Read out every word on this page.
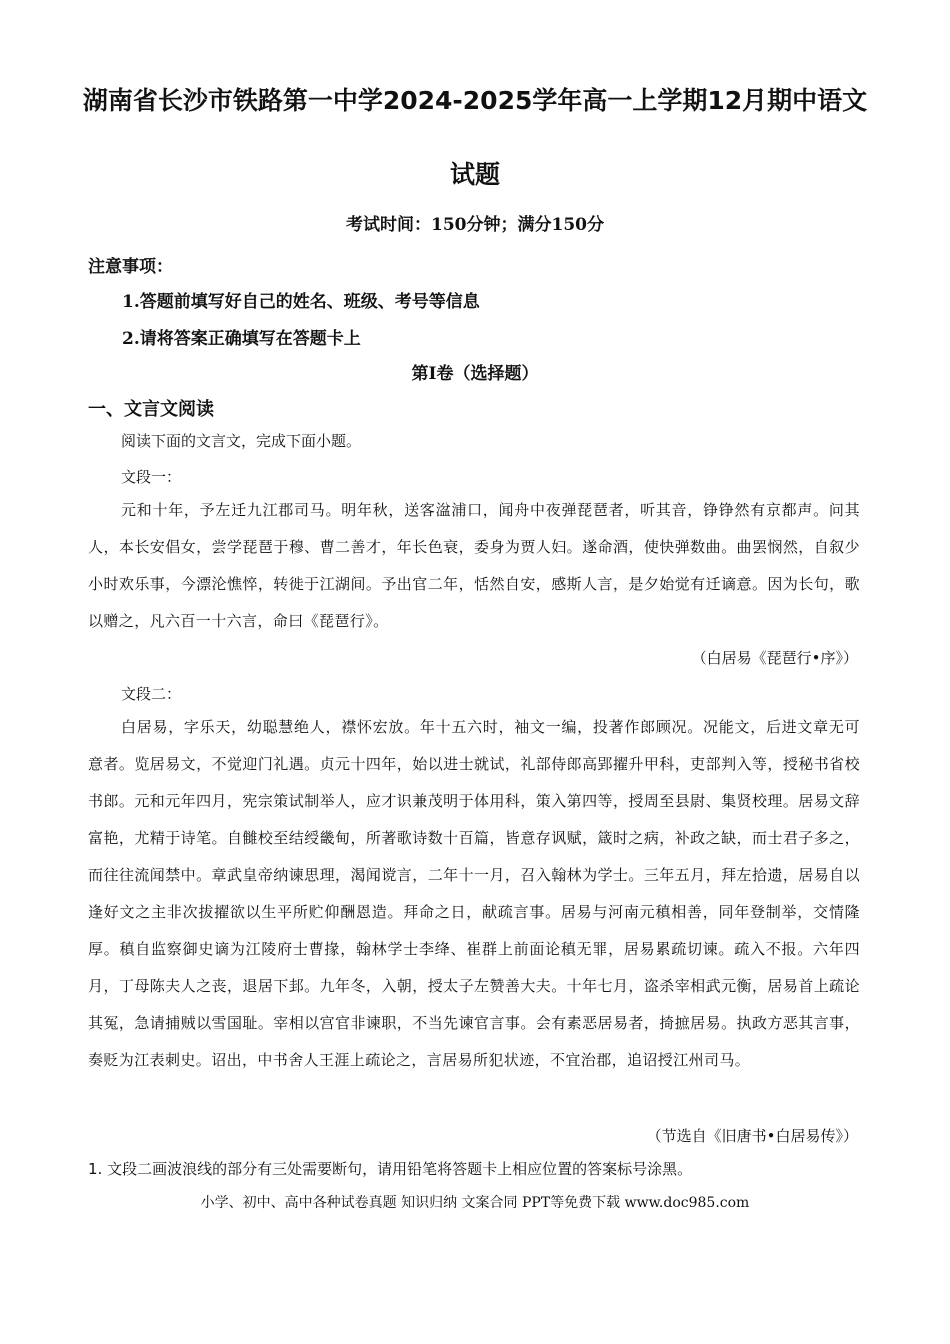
湖南省长沙市铁路第一中学2024-2025学年高一上学期12月期中语文
试题
考试时间：150分钟；满分150分
注意事项：
1.答题前填写好自己的姓名、班级、考号等信息
2.请将答案正确填写在答题卡上
第Ⅰ卷（选择题）
一、文言文阅读
阅读下面的文言文，完成下面小题。
文段一：

元和十年，予左迁九江郡司马。明年秋，送客湓浦口，闻舟中夜弹琵琶者，听其音，铮铮然有京都声。问其人，本长安倡女，尝学琵琶于穆、曹二善才，年长色衰，委身为贾人妇。遂命酒，使快弹数曲。曲罢悯然，自叙少小时欢乐事，今漂沦憔悴，转徙于江湖间。予出官二年，恬然自安，感斯人言，是夕始觉有迁谪意。因为长句，歌以赠之，凡六百一十六言，命曰《琵琶行》。

（白居易《琵琶行•序》）
文段二：

白居易，字乐天，幼聪慧绝人，襟怀宏放。年十五六时，袖文一编，投著作郎顾况。况能文，后进文章无可意者。览居易文，不觉迎门礼遇。贞元十四年，始以进士就试，礼部侍郎高郢擢升甲科，吏部判入等，授秘书省校书郎。元和元年四月，宪宗策试制举人，应才识兼茂明于体用科，策入第四等，授周至县尉、集贤校理。居易文辞富艳，尤精于诗笔。自雠校至结绶畿甸，所著歌诗数十百篇，皆意存讽赋，箴时之病，补政之缺，而士君子多之，而往往流闻禁中。章武皇帝纳谏思理，渴闻谠言，二年十一月，召入翰林为学士。三年五月，拜左拾遗，居易自以逢好文之主非次拔擢欲以生平所贮仰酬恩造。拜命之日，献疏言事。居易与河南元稹相善，同年登制举，交情隆厚。稹自监察御史谪为江陵府士曹掾，翰林学士李绛、崔群上前面论稹无罪，居易累疏切谏。疏入不报。六年四月，丁母陈夫人之丧，退居下邽。九年冬，入朝，授太子左赞善大夫。十年七月，盗杀宰相武元衡，居易首上疏论其冤，急请捕贼以雪国耻。宰相以宫官非谏职，不当先谏官言事。会有素恶居易者，掎摭居易。执政方恶其言事，奏贬为江表刺史。诏出，中书舍人王涯上疏论之，言居易所犯状迹，不宜治郡，追诏授江州司马。

（节选自《旧唐书•白居易传》）
1. 文段二画波浪线的部分有三处需要断句，请用铅笔将答题卡上相应位置的答案标号涂黑。
小学、初中、高中各种试卷真题 知识归纳 文案合同 PPT等免费下载 www.doc985.com
